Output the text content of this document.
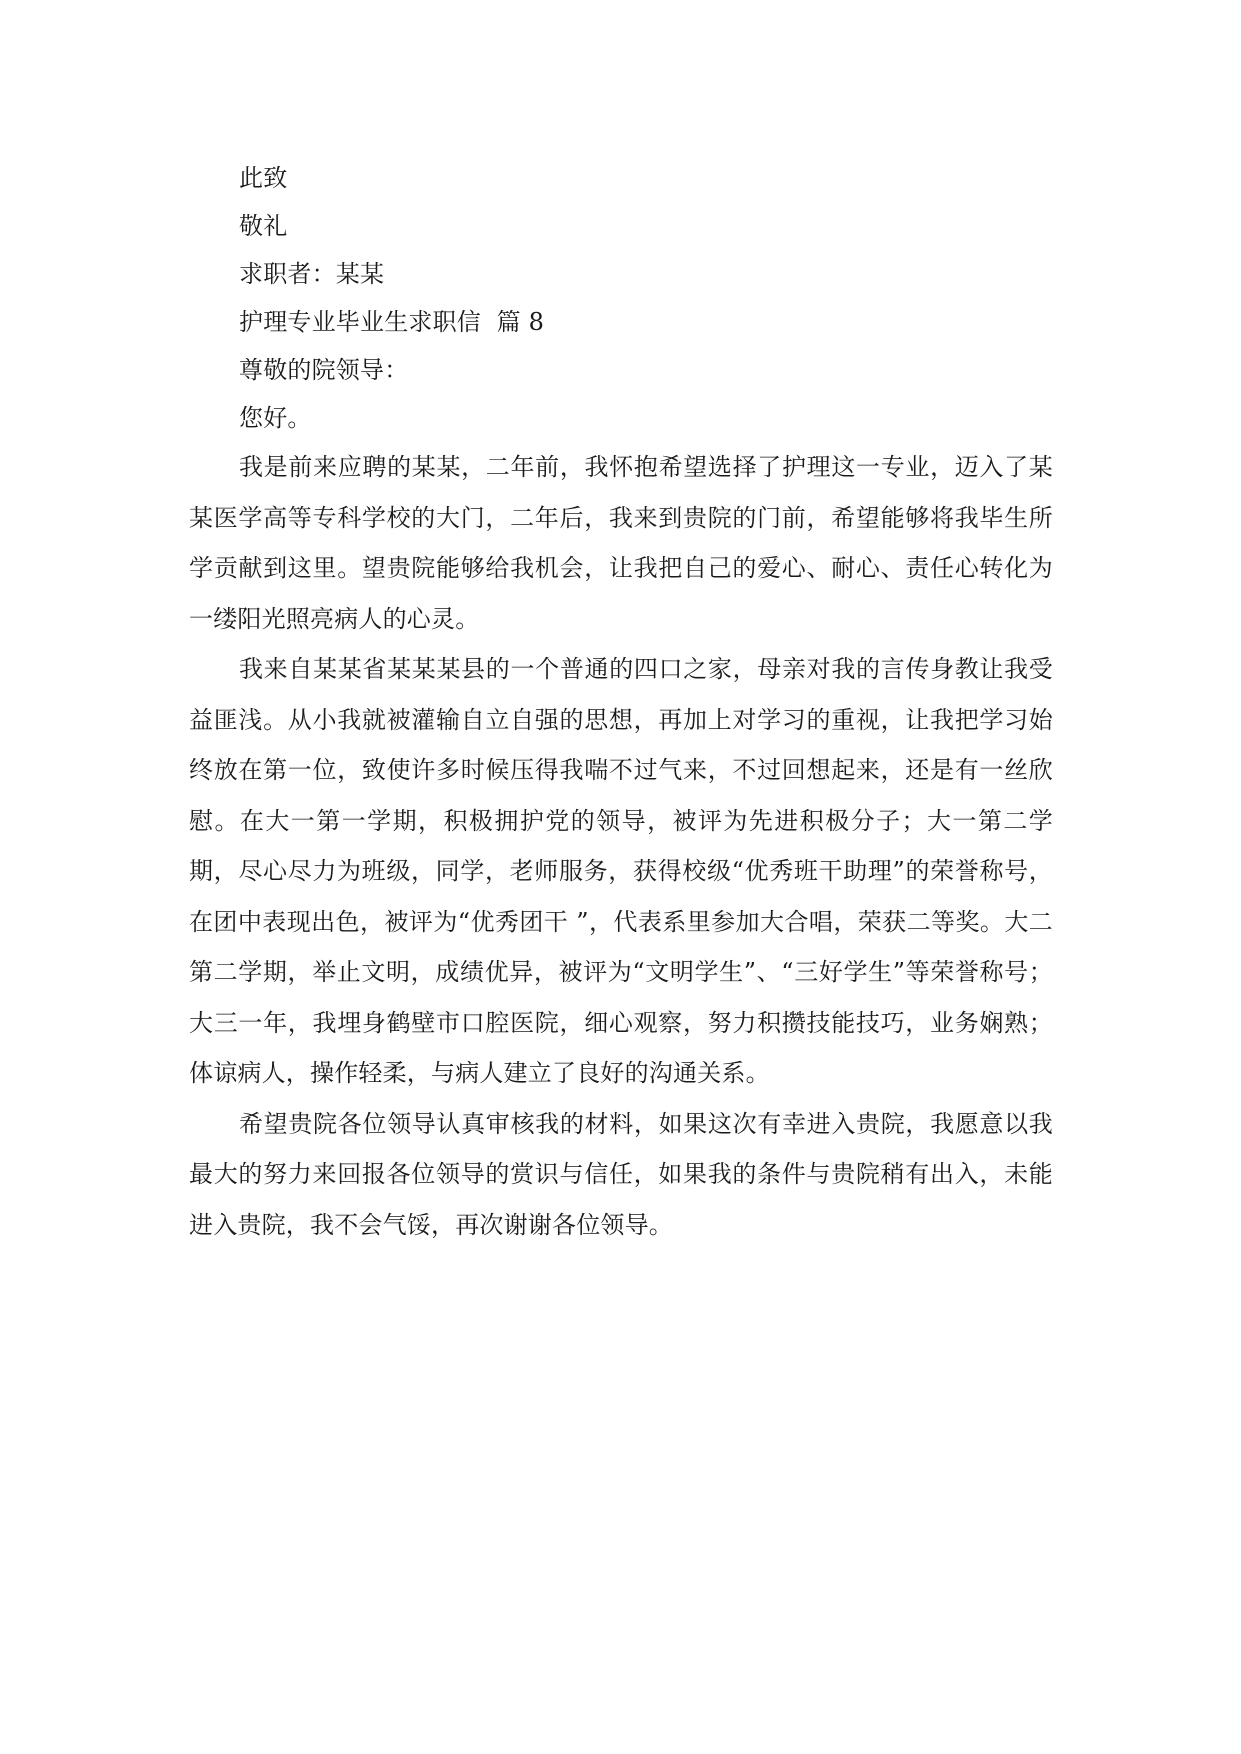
此致

敬礼

求职者：某某

护理专业毕业生求职信  篇 8

尊敬的院领导：

您好。

我是前来应聘的某某，二年前，我怀抱希望选择了护理这一专业，迈入了某某医学高等专科学校的大门，二年后，我来到贵院的门前，希望能够将我毕生所学贡献到这里。望贵院能够给我机会，让我把自己的爱心、耐心、责任心转化为一缕阳光照亮病人的心灵。

我来自某某省某某某县的一个普通的四口之家，母亲对我的言传身教让我受益匪浅。从小我就被灌输自立自强的思想，再加上对学习的重视，让我把学习始终放在第一位，致使许多时候压得我喘不过气来，不过回想起来，还是有一丝欣慰。在大一第一学期，积极拥护党的领导，被评为先进积极分子；大一第二学期，尽心尽力为班级，同学，老师服务，获得校级“优秀班干助理”的荣誉称号，在团中表现出色，被评为“优秀团干 ”，代表系里参加大合唱，荣获二等奖。大二第二学期，举止文明，成绩优异，被评为“文明学生”、“三好学生”等荣誉称号；大三一年，我埋身鹤壁市口腔医院，细心观察，努力积攒技能技巧，业务娴熟；体谅病人，操作轻柔，与病人建立了良好的沟通关系。

希望贵院各位领导认真审核我的材料，如果这次有幸进入贵院，我愿意以我最大的努力来回报各位领导的赏识与信任，如果我的条件与贵院稍有出入，未能进入贵院，我不会气馁，再次谢谢各位领导。
